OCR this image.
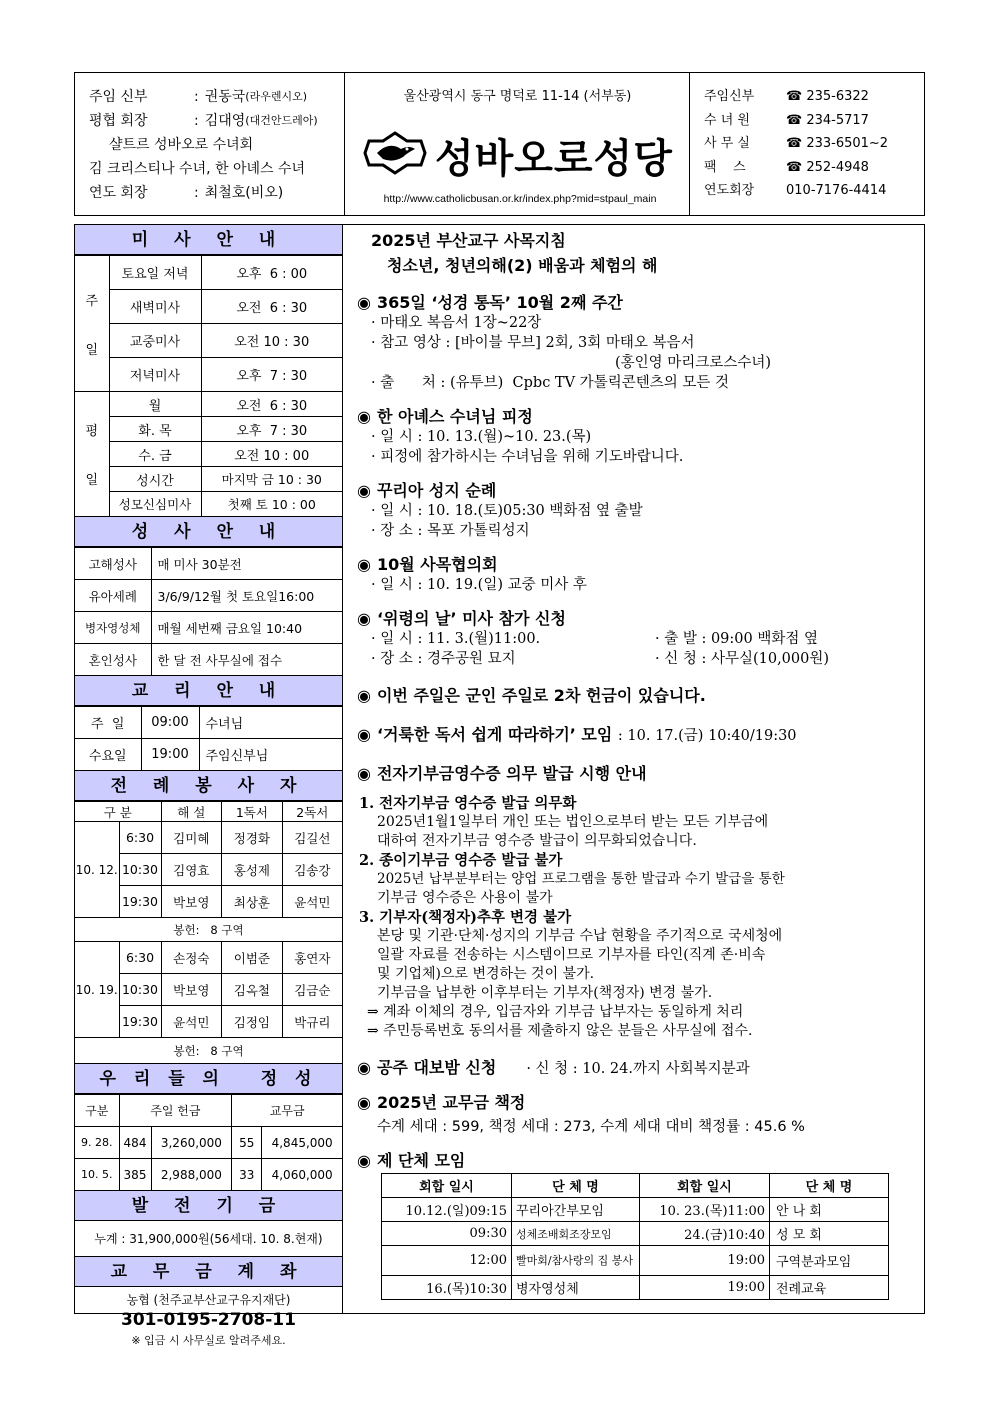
주임 신부	: 권동국 (라우렌시오)
평협 회장	: 김대영 (대건안드레아)
샬트르 성바오로 수녀회
김 크리스티나 수녀, 한 아녜스 수녀
연도 회장	: 최철호(비오)
울산광역시 동구 명덕로 11-14 (서부동)
성바오로성당
http://www.catholicbusan.or.kr/index.php?mid=stpaul_main
주임신부 ☎ 235-6322
수 녀 원	☎ 234-5717
사 무 실	☎ 233-6501~2
팩    스	☎ 252-4948
연도회장 010-7176-4414
미 사 안 내
주
일	토요일 저녁	오후  6 : 00
	새벽미사	오전  6 : 30
	교중미사	오전 10 : 30
	저녁미사	오후  7 : 30

평
일	월	오전  6 : 30
	화. 목	오후  7 : 30
	수. 금	오전 10 : 00
	성시간	마지막 금 10 : 30
	성모신심미사	첫째 토 10 : 00
성 사 안 내
고해성사	매 미사 30분전
유아세례	3/6/9/12월 첫 토요일16:00
병자영성체	매월 세번째 금요일 10:40
혼인성사	한 달 전 사무실에 접수
교 리 안 내
주  일	09:00	수녀님
수요일	19:00	주임신부님
전 례 봉 사 자
구 분		해 설	1독서	2독서
10. 12.	6:30	김미혜	정경화	김길선
	10:30	김영효	홍성제	김송강
	19:30	박보영	최상훈	윤석민
봉헌:   8 구역				
10. 19.	6:30	손정숙	이범준	홍연자
	10:30	박보영	김옥철	김금순
	19:30	윤석민	김정임	박규리
봉헌:   8 구역				
우 리 들 의   정 성
구분	주일 헌금		교무금	
9. 28.	484	3,260,000	55	4,845,000
10. 5.	385	2,988,000	33	4,060,000
발 전 기 금
누계 : 31,900,000원(56세대. 10. 8.현재)
교 무 금 계 좌
농협 (천주교부산교구유지재단)
301-0195-2708-11
※ 입금 시 사무실로 알려주세요.
2025년 부산교구 사목지침
청소년, 청년의해(2) 배움과 체험의 해
◉ 365일 ‘성경 통독’ 10월 2째 주간
· 마태오 복음서 1장~22장
· 참고 영상 : [바이블 무브] 2회, 3회 마태오 복음서
(홍인영 마리크로스수녀)
· 출      처 : (유투브)  Cpbc TV 가톨릭콘텐츠의 모든 것
◉ 한 아녜스 수녀님 피정
· 일 시 : 10. 13.(월)~10. 23.(목)
· 피정에 참가하시는 수녀님을 위해 기도바랍니다.
◉ 꾸리아 성지 순례
· 일 시 : 10. 18.(토)05:30 백화점 옆 출발
· 장 소 : 목포 가톨릭성지
◉ 10월 사목협의회
· 일 시 : 10. 19.(일) 교중 미사 후
◉ ‘위령의 날’ 미사 참가 신청
· 일 시 : 11. 3.(월)11:00.	· 출 발 : 09:00 백화점 옆
· 장 소 : 경주공원 묘지	· 신 청 : 사무실(10,000원)
◉ 이번 주일은 군인 주일로 2차 헌금이 있습니다.
◉ ‘거룩한 독서 쉽게 따라하기’ 모임 : 10. 17.(금) 10:40/19:30
◉ 전자기부금영수증 의무 발급 시행 안내
1. 전자기부금 영수증 발급 의무화
2025년1월1일부터 개인 또는 법인으로부터 받는 모든 기부금에
대하여 전자기부금 영수증 발급이 의무화되었습니다.
2. 종이기부금 영수증 발급 불가
2025년 납부분부터는 양업 프로그램을 통한 발급과 수기 발급을 통한
기부금 영수증은 사용이 불가
3. 기부자(책정자)추후 변경 불가
본당 및 기관·단체·성지의 기부금 수납 현황을 주기적으로 국세청에
일괄 자료를 전송하는 시스템이므로 기부자를 타인(직계 존·비속
및 기업체)으로 변경하는 것이 불가.
기부금을 납부한 이후부터는 기부자(책정자) 변경 불가.
⇒ 계좌 이체의 경우, 입금자와 기부금 납부자는 동일하게 처리
⇒ 주민등록번호 동의서를 제출하지 않은 분들은 사무실에 접수.
◉ 공주 대보밤 신청 · 신 청 : 10. 24.까지 사회복지분과
◉ 2025년 교무금 책정
수계 세대 : 599, 책정 세대 : 273, 수계 세대 대비 책정률 : 45.6 %
◉ 제 단체 모임
회합 일시	단 체 명	회합 일시	단 체 명
10.12.(일)09:15	꾸리아간부모임	10. 23.(목)11:00	안 나 회
09:30	성체조배회조장모임	24.(금)10:40	성 모 회
12:00	빨마회/참사랑의 집 봉사	19:00	구역분과모임
16.(목)10:30	병자영성체	19:00	전례교육
